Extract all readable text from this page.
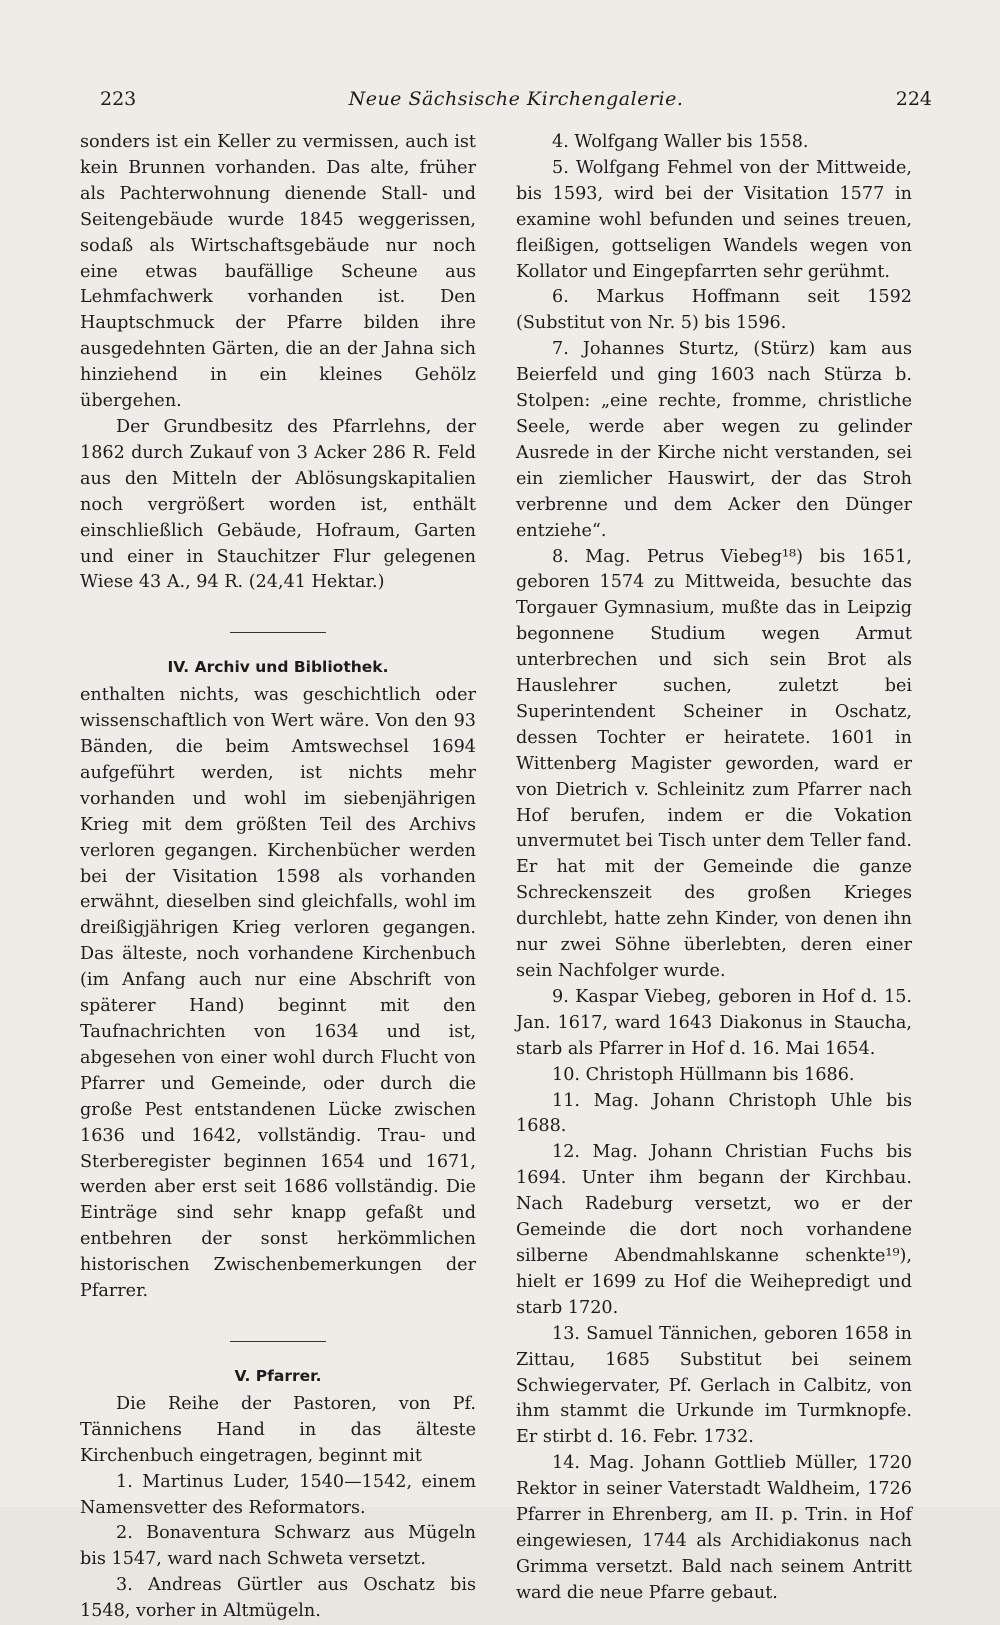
223	Neue Sächsische Kirchengalerie.	224

sonders ist ein Keller zu vermissen, auch ist kein Brunnen vorhanden. Das alte, früher als Pachterwohnung dienende Stall- und Seitengebäude wurde 1845 weggerissen, sodaß als Wirtschaftsgebäude nur noch eine etwas baufällige Scheune aus Lehmfachwerk vorhanden ist. Den Hauptschmuck der Pfarre bilden ihre ausgedehnten Gärten, die an der Jahna sich hinziehend in ein kleines Gehölz übergehen.

Der Grundbesitz des Pfarrlehns, der 1862 durch Zukauf von 3 Acker 286 R. Feld aus den Mitteln der Ablösungskapitalien noch vergrößert worden ist, enthält einschließlich Gebäude, Hofraum, Garten und einer in Stauchitzer Flur gelegenen Wiese 43 A., 94 R. (24,41 Hektar.)

IV. Archiv und Bibliothek.

enthalten nichts, was geschichtlich oder wissenschaftlich von Wert wäre. Von den 93 Bänden, die beim Amtswechsel 1694 aufgeführt werden, ist nichts mehr vorhanden und wohl im siebenjährigen Krieg mit dem größten Teil des Archivs verloren gegangen. Kirchenbücher werden bei der Visitation 1598 als vorhanden erwähnt, dieselben sind gleichfalls, wohl im dreißigjährigen Krieg verloren gegangen. Das älteste, noch vorhandene Kirchenbuch (im Anfang auch nur eine Abschrift von späterer Hand) beginnt mit den Taufnachrichten von 1634 und ist, abgesehen von einer wohl durch Flucht von Pfarrer und Gemeinde, oder durch die große Pest entstandenen Lücke zwischen 1636 und 1642, vollständig. Trau- und Sterberegister beginnen 1654 und 1671, werden aber erst seit 1686 vollständig. Die Einträge sind sehr knapp gefaßt und entbehren der sonst herkömmlichen historischen Zwischenbemerkungen der Pfarrer.

V. Pfarrer.

Die Reihe der Pastoren, von Pf. Tännichens Hand in das älteste Kirchenbuch eingetragen, beginnt mit

1. Martinus Luder, 1540—1542, einem Namensvetter des Reformators.

2. Bonaventura Schwarz aus Mügeln bis 1547, ward nach Schweta versetzt.

3. Andreas Gürtler aus Oschatz bis 1548, vorher in Altmügeln.

4. Wolfgang Waller bis 1558.

5. Wolfgang Fehmel von der Mittweide, bis 1593, wird bei der Visitation 1577 in examine wohl befunden und seines treuen, fleißigen, gottseligen Wandels wegen von Kollator und Eingepfarrten sehr gerühmt.

6. Markus Hoffmann seit 1592 (Substitut von Nr. 5) bis 1596.

7. Johannes Sturtz, (Stürz) kam aus Beierfeld und ging 1603 nach Stürza b. Stolpen: „eine rechte, fromme, christliche Seele, werde aber wegen zu gelinder Ausrede in der Kirche nicht verstanden, sei ein ziemlicher Hauswirt, der das Stroh verbrenne und dem Acker den Dünger entziehe“.

8. Mag. Petrus Viebeg¹⁸) bis 1651, geboren 1574 zu Mittweida, besuchte das Torgauer Gymnasium, mußte das in Leipzig begonnene Studium wegen Armut unterbrechen und sich sein Brot als Hauslehrer suchen, zuletzt bei Superintendent Scheiner in Oschatz, dessen Tochter er heiratete. 1601 in Wittenberg Magister geworden, ward er von Dietrich v. Schleinitz zum Pfarrer nach Hof berufen, indem er die Vokation unvermutet bei Tisch unter dem Teller fand. Er hat mit der Gemeinde die ganze Schreckenszeit des großen Krieges durchlebt, hatte zehn Kinder, von denen ihn nur zwei Söhne überlebten, deren einer sein Nachfolger wurde.

9. Kaspar Viebeg, geboren in Hof d. 15. Jan. 1617, ward 1643 Diakonus in Staucha, starb als Pfarrer in Hof d. 16. Mai 1654.

10. Christoph Hüllmann bis 1686.

11. Mag. Johann Christoph Uhle bis 1688.

12. Mag. Johann Christian Fuchs bis 1694. Unter ihm begann der Kirchbau. Nach Radeburg versetzt, wo er der Gemeinde die dort noch vorhandene silberne Abendmahlskanne schenkte¹⁹), hielt er 1699 zu Hof die Weihepredigt und starb 1720.

13. Samuel Tännichen, geboren 1658 in Zittau, 1685 Substitut bei seinem Schwiegervater, Pf. Gerlach in Calbitz, von ihm stammt die Urkunde im Turmknopfe. Er stirbt d. 16. Febr. 1732.

14. Mag. Johann Gottlieb Müller, 1720 Rektor in seiner Vaterstadt Waldheim, 1726 Pfarrer in Ehrenberg, am II. p. Trin. in Hof eingewiesen, 1744 als Archidiakonus nach Grimma versetzt. Bald nach seinem Antritt ward die neue Pfarre gebaut.
